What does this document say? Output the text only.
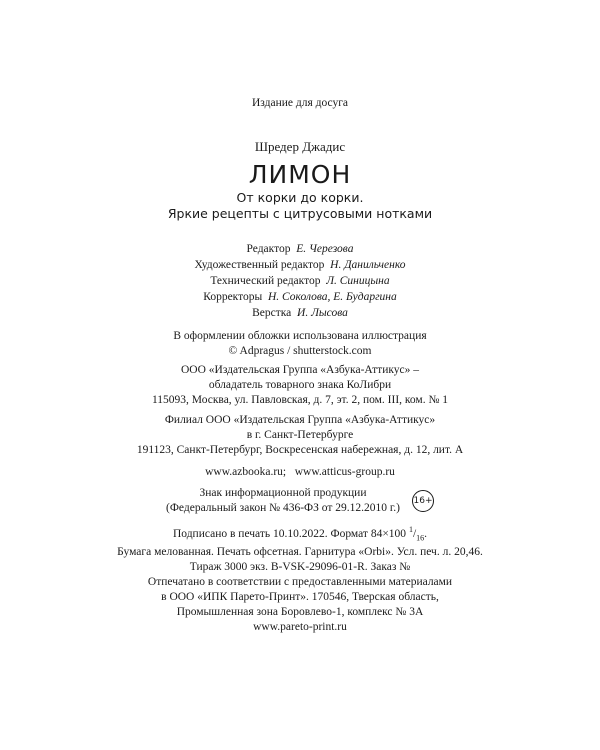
Издание для досуга
Шредер Джадис
ЛИМОН
От корки до корки.
Яркие рецепты с цитрусовыми нотками
Редактор Е. Черезова
Художественный редактор Н. Данильченко
Технический редактор Л. Синицына
Корректоры Н. Соколова, Е. Бударгина
Верстка И. Лысова
В оформлении обложки использована иллюстрация
© Adpragus / shutterstock.com
ООО «Издательская Группа «Азбука-Аттикус» –
обладатель товарного знака КоЛибри
115093, Москва, ул. Павловская, д. 7, эт. 2, пом. III, ком. № 1
Филиал ООО «Издательская Группа «Азбука-Аттикус»
в г. Санкт-Петербурге
191123, Санкт-Петербург, Воскресенская набережная, д. 12, лит. А
www.azbooka.ru;   www.atticus-group.ru
Знак информационной продукции
(Федеральный закон № 436-ФЗ от 29.12.2010 г.)
16+
Подписано в печать 10.10.2022. Формат 84×100 $^1/_{16}$.
Бумага мелованная. Печать офсетная. Гарнитура «Orbi». Усл. печ. л. 20,46.
Тираж 3000 экз. B-VSK-29096-01-R. Заказ №
Отпечатано в соответствии с предоставленными материалами
в ООО «ИПК Парето-Принт». 170546, Тверская область,
Промышленная зона Боровлево-1, комплекс № 3А
www.pareto-print.ru
